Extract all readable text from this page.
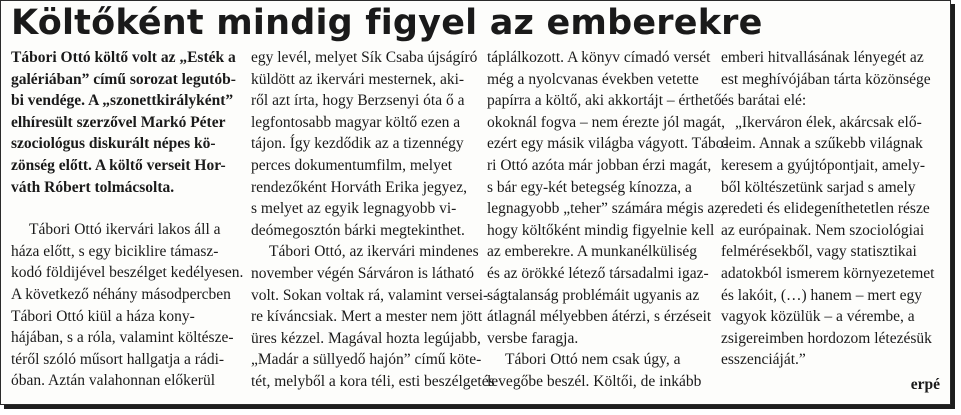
Költőként mindig figyel az emberekre

Tábori Ottó költő volt az „Esték a
galériában” című sorozat legutób-
bi vendége. A „szonettkirályként”
elhíresült szerzővel Markó Péter
szociológus diskurált népes kö-
zönség előtt. A költő verseit Hor-
váth Róbert tolmácsolta.

Tábori Ottó ikervári lakos áll a
háza előtt, s egy biciklire támasz-
kodó földijével beszélget kedélyesen.
A következő néhány másodpercben
Tábori Ottó kiül a háza kony-
hájában, s a róla, valamint költésze-
téről szóló műsort hallgatja a rádi-
óban. Aztán valahonnan előkerül

egy levél, melyet Sík Csaba újságíró
küldött az ikervári mesternek, aki-
ről azt írta, hogy Berzsenyi óta ő a
legfontosabb magyar költő ezen a
tájon. Így kezdődik az a tizennégy
perces dokumentumfilm, melyet
rendezőként Horváth Erika jegyez,
s melyet az egyik legnagyobb vi-
deómegosztón bárki megtekinthet.

Tábori Ottó, az ikervári mindenes
november végén Sárváron is látható
volt. Sokan voltak rá, valamint versei-
re kíváncsiak. Mert a mester nem jött
üres kézzel. Magával hozta legújabb,
„Madár a süllyedő hajón” című köte-
tét, melyből a kora téli, esti beszélgetés

táplálkozott. A könyv címadó versét
még a nyolcvanas években vetette
papírra a költő, aki akkortájt – érthető
okoknál fogva – nem érezte jól magát,
ezért egy másik világba vágyott. Tábo-
ri Ottó azóta már jobban érzi magát,
s bár egy-két betegség kínozza, a
legnagyobb „teher” számára mégis az,
hogy költőként mindig figyelnie kell
az emberekre. A munkanélküliség
és az örökké létező társadalmi igaz-
ságtalanság problémáit ugyanis az
átlagnál mélyebben átérzi, s érzéseit
versbe faragja.

Tábori Ottó nem csak úgy, a
levegőbe beszél. Költői, de inkább

emberi hitvallásának lényegét az
est meghívójában tárta közönsége
és barátai elé:

„Ikerváron élek, akárcsak elő-
deim. Annak a szűkebb világnak
keresem a gyújtópontjait, amely-
ből költészetünk sarjad s amely
eredeti és elidegeníthetetlen része
az európainak. Nem szociológiai
felmérésekből, vagy statisztikai
adatokból ismerem környezetemet
és lakóit, (…) hanem – mert egy
vagyok közülük – a vérembe, a
zsigereimben hordozom létezésük
esszenciáját.”

erpé
